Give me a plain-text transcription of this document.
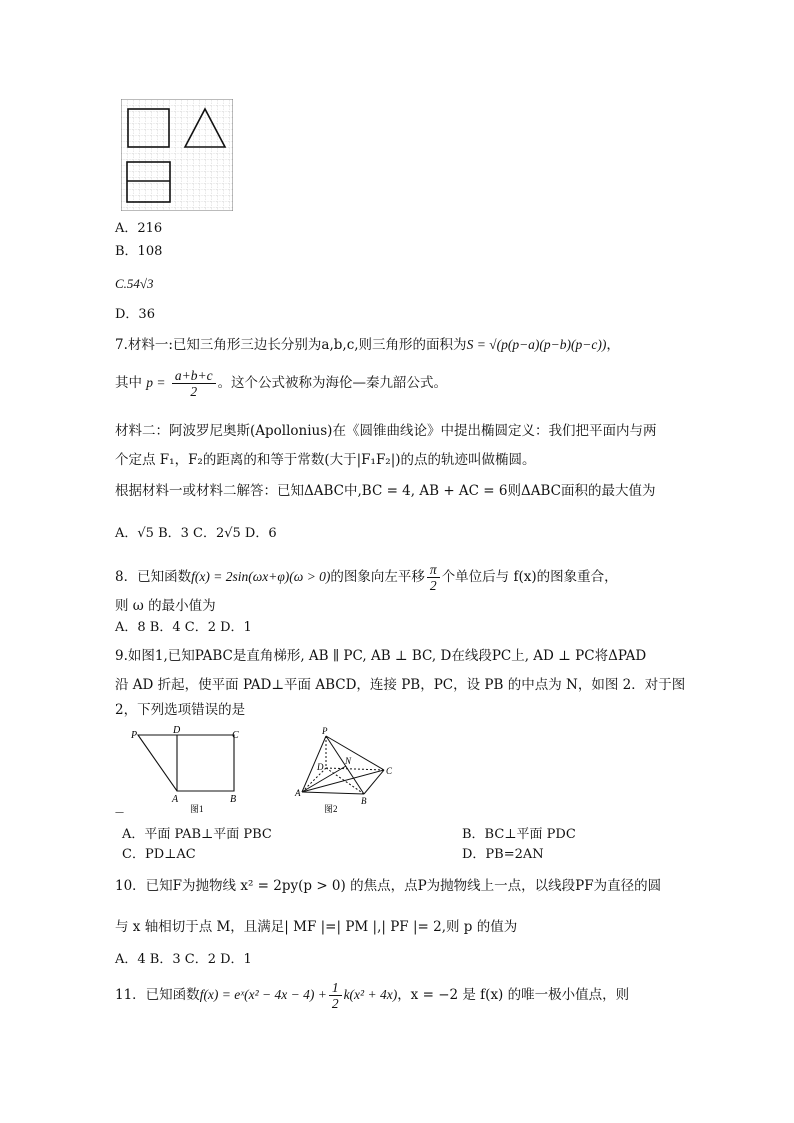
A．216
B．108
C.54√3
D．36
7.材料一:已知三角形三边长分别为a,b,c,则三角形的面积为S = √(p(p−a)(p−b)(p−c))，
其中 $p = \frac{a+b+c}{2}$ 。这个公式被称为海伦—秦九韶公式。
材料二：阿波罗尼奥斯(Apollonius)在《圆锥曲线论》中提出椭圆定义：我们把平面内与两
个定点 F₁，F₂的距离的和等于常数(大于|F₁F₂|)的点的轨迹叫做椭圆。
根据材料一或材料二解答：已知ΔABC中,BC = 4, AB + AC = 6则ΔABC面积的最大值为
A．√5 B．3 C．2√5 D．6
8．已知函数f(x) = 2sin(ωx+φ)(ω > 0)的图象向左平移 $\frac{\pi}{2}$ 个单位后与 f(x)的图象重合，
则 ω 的最小值为
A．8 B．4 C．2 D．1
9.如图1,已知PABC是直角梯形, AB ∥ PC, AB ⊥ BC, D在线段PC上, AD ⊥ PC将ΔPAD
沿 AD 折起，使平面 PAD⊥平面 ABCD，连接 PB，PC，设 PB 的中点为 N，如图 2．对于图
2，下列选项错误的是
P	D	C
A	B
图1
P
D
N
C
A
B
图2
—
A．平面 PAB⊥平面 PBC	B．BC⊥平面 PDC
C．PD⊥AC	D．PB=2AN
10．已知F为抛物线 x² = 2py(p > 0) 的焦点，点P为抛物线上一点，以线段PF为直径的圆
与 x 轴相切于点 M，且满足| MF |=| PM |,| PF |= 2,则 p 的值为
A．4 B．3 C．2 D．1
11．已知函数f(x) = eˣ(x² − $4x - 4) + \frac{1}{2} k(x^2 + 4x)$，x = −2 是 f(x) 的唯一极小值点，则
